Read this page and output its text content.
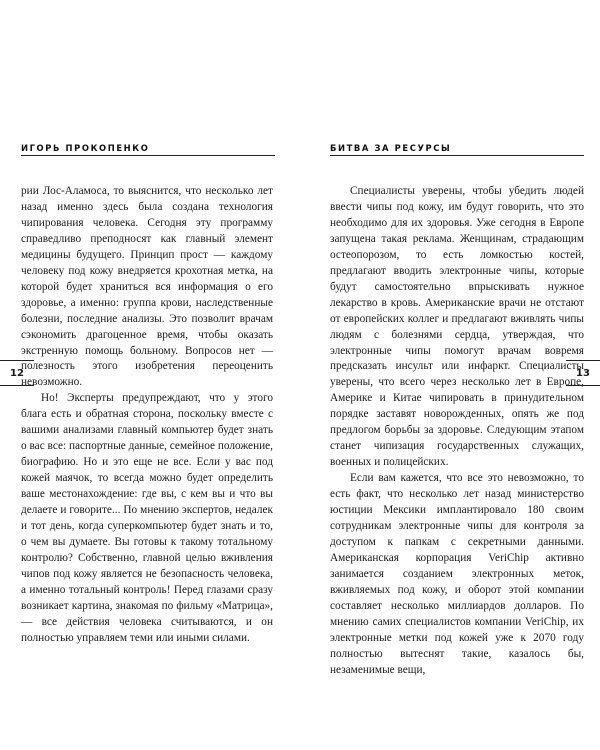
ИГОРЬ ПРОКОПЕНКО

рии Лос-Аламоса, то выяснится, что несколько лет назад именно здесь была создана технология чипирования человека. Сегодня эту программу справедливо преподносят как главный элемент медицины будущего. Принцип прост — каждому человеку под кожу внедряется крохотная метка, на которой будет храниться вся информация о его здоровье, а именно: группа крови, наследственные болезни, последние анализы. Это позволит врачам сэкономить драгоценное время, чтобы оказать экстренную помощь больному. Вопросов нет — полезность этого изобретения переоценить невозможно.

Но! Эксперты предупреждают, что у этого блага есть и обратная сторона, поскольку вместе с вашими анализами главный компьютер будет знать о вас все: паспортные данные, семейное положение, биографию. Но и это еще не все. Если у вас под кожей маячок, то всегда можно будет определить ваше местонахождение: где вы, с кем вы и что вы делаете и говорите... По мнению экспертов, недалек и тот день, когда суперкомпьютер будет знать и то, о чем вы думаете. Вы готовы к такому тотальному контролю? Собственно, главной целью вживления чипов под кожу является не безопасность человека, а именно тотальный контроль! Перед глазами сразу возникает картина, знакомая по фильму «Матрица», — все действия человека считываются, и он полностью управляем теми или иными силами.

12
БИТВА ЗА РЕСУРСЫ

Специалисты уверены, чтобы убедить людей ввести чипы под кожу, им будут говорить, что это необходимо для их здоровья. Уже сегодня в Европе запущена такая реклама. Женщинам, страдающим остеопорозом, то есть ломкостью костей, предлагают вводить электронные чипы, которые будут самостоятельно впрыскивать нужное лекарство в кровь. Американские врачи не отстают от европейских коллег и предлагают вживлять чипы людям с болезнями сердца, утверждая, что электронные чипы помогут врачам вовремя предсказать инсульт или инфаркт. Специалисты уверены, что всего через несколько лет в Европе, Америке и Китае чипировать в принудительном порядке заставят новорожденных, опять же под предлогом борьбы за здоровье. Следующим этапом станет чипизация государственных служащих, военных и полицейских.

Если вам кажется, что все это невозможно, то есть факт, что несколько лет назад министерство юстиции Мексики имплантировало 180 своим сотрудникам электронные чипы для контроля за доступом к папкам с секретными данными. Американская корпорация VeriChip активно занимается созданием электронных меток, вживляемых под кожу, и оборот этой компании составляет несколько миллиардов долларов. По мнению самих специалистов компании VeriChip, их электронные метки под кожей уже к 2070 году полностью вытеснят такие, казалось бы, незаменимые вещи,

13
